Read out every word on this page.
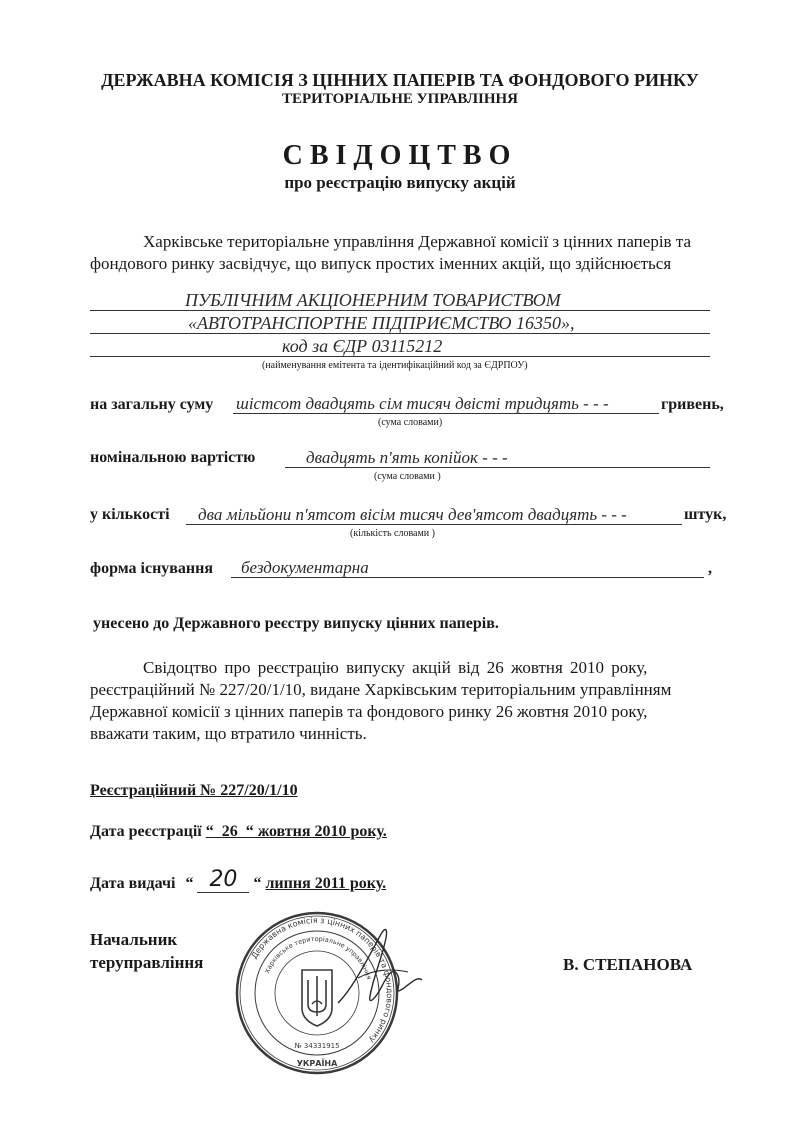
ДЕРЖАВНА КОМІСІЯ З ЦІННИХ ПАПЕРІВ ТА ФОНДОВОГО РИНКУ
ТЕРИТОРІАЛЬНЕ УПРАВЛІННЯ
СВІДОЦТВО
про реєстрацію випуску акцій
Харківське територіальне управління Державної комісії з цінних паперів та
фондового ринку засвідчує, що випуск простих іменних акцій, що здійснюється
ПУБЛІЧНИМ АКЦІОНЕРНИМ ТОВАРИСТВОМ
«АВТОТРАНСПОРТНЕ ПІДПРИЄМСТВО 16350»,
код за ЄДР 03115212
(найменування емітента та ідентифікаційний код за ЄДРПОУ)
на загальну суму шістсот двадцять сім тисяч двісті тридцять - - -	гривень,
(сума словами)
номінальною вартістю	двадцять п'ять копійок - - -
(сума словами )
у кількості два мільйони п'ятсот вісім тисяч дев'ятсот двадцять - - -	штук,
(кількість словами )
форма існування бездокументарна	,
унесено до Державного реєстру випуску цінних паперів.
Свідоцтво про реєстрацію випуску акцій від 26 жовтня 2010 року,
реєстраційний № 227/20/1/10, видане Харківським територіальним управлінням
Державної комісії з цінних паперів та фондового ринку 26 жовтня 2010 року,
вважати таким, що втратило чинність.
Реєстраційний № 227/20/1/10
Дата реєстрації “ 26 “ жовтня 2010 року.
Дата видачі “ 20 “ липня 2011 року.
Начальник
теруправління	В. СТЕПАНОВА
Державна комісія з цінних паперів та фондового ринку
Харківське територіальне управління
№ 34331915
УКРАЇНА
